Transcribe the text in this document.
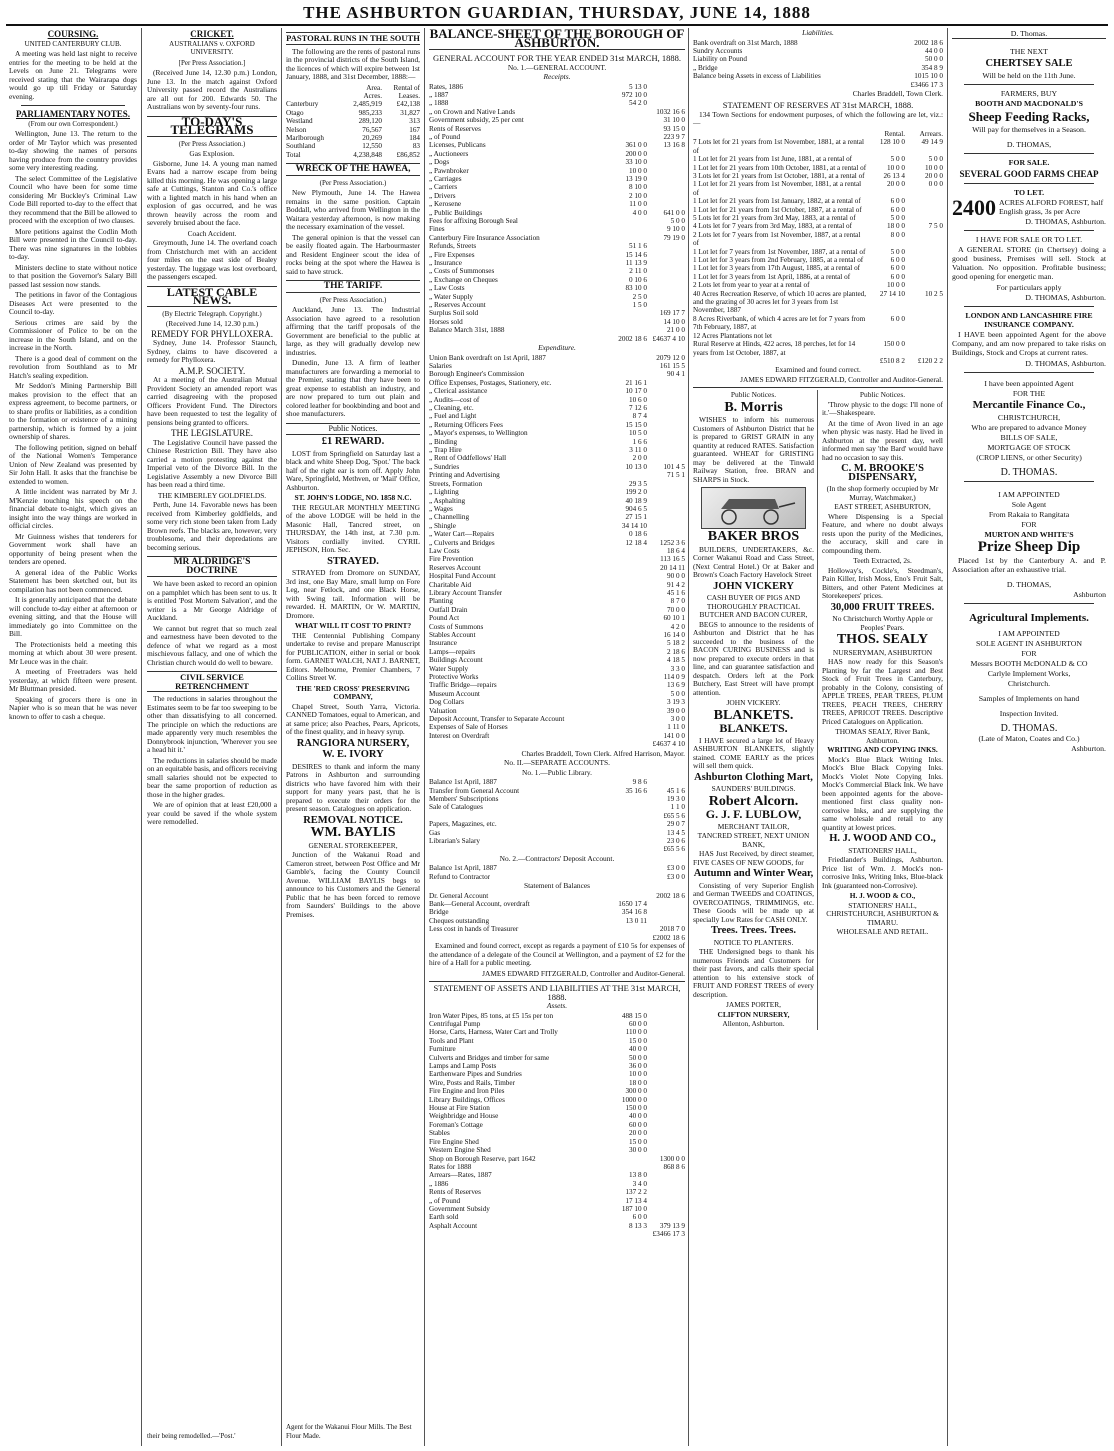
THE ASHBURTON GUARDIAN, THURSDAY, JUNE 14, 1888
COURSING.
UNITED CANTERBURY CLUB.

A meeting was held last night to receive entries for the meeting to be held at the Levels on June 21. Telegrams were received stating that the Wairarapa dogs would go up till Friday or Saturday evening.

PARLIAMENTARY NOTES.
(From our own Correspondent.)

Wellington, June 13. The return to the order of Mr Taylor which was presented to-day showing the names of persons having produce from the country provides some very interesting reading.

The select Committee of the Legislative Council who have been for some time considering Mr Buckley's Criminal Law Code Bill reported to-day to the effect that they recommend that the Bill be allowed to proceed with the exception of two clauses.

More petitions against the Codlin Moth Bill were presented in the Council to-day. There was nine signatures in the lobbies to-day.

Ministers decline to state without notice to that position the Governor's Salary Bill passed last session now stands.

The petitions in favor of the Contagious Diseases Act were presented to the Council to-day.

Serious crimes are said by the Commissioner of Police to be on the increase in the South Island, and on the increase in the North.

There is a good deal of comment on the revolution from Southland as to Mr Hatch's sealing expedition.

Mr Seddon's Mining Partnership Bill makes provision to the effect that an express agreement, to become partners, or to share profits or liabilities, as a condition to the formation or existence of a mining partnership, which is formed by a joint ownership of shares.

The following petition, signed on behalf of the National Women's Temperance Union of New Zealand was presented by Sir John Hall. It asks that the franchise be extended to women.

A little incident was narrated by Mr J. M'Kenzie touching his speech on the financial debate to-night, which gives an insight into the way things are worked in official circles.

Mr Guinness wishes that tenderers for Government work shall have an opportunity of being present when the tenders are opened.

A general idea of the Public Works Statement has been sketched out, but its compilation has not been commenced.

It is generally anticipated that the debate will conclude to-day either at afternoon or evening sitting, and that the House will immediately go into Committee on the Bill.

The Protectionists held a meeting this morning at which about 30 were present. Mr Leuce was in the chair.

A meeting of Freetraders was held yesterday, at which fifteen were present. Mr Bluttman presided.

Speaking of grocers there is one in Napier who is so mean that he was never known to offer to cash a cheque.

CRICKET.
AUSTRALIANS v. OXFORD UNIVERSITY.
[Per Press Association.]

(Received June 14, 12.30 p.m.) London, June 13. In the match against Oxford University passed record the Australians are all out for 200. Edwards 50. The Australians won by seventy-four runs.

TO-DAY'S TELEGRAMS
(Per Press Association.)
Gas Explosion.

Gisborne, June 14. A young man named Evans had a narrow escape from being killed this morning. He was opening a large safe at Cuttings, Stanton and Co.'s office with a lighted match in his hand when an explosion of gas occurred, and he was thrown heavily across the room and severely bruised about the face.

Coach Accident.

Greymouth, June 14. The overland coach from Christchurch met with an accident four miles on the east side of Bealey yesterday. The luggage was lost overboard, the passengers escaped.

LATEST CABLE NEWS.
(By Electric Telegraph. Copyright.)
(Received June 14, 12.30 p.m.)
REMEDY FOR PHYLLOXERA.

Sydney, June 14. Professor Staunch, Sydney, claims to have discovered a remedy for Phylloxera.

A.M.P. SOCIETY.

At a meeting of the Australian Mutual Provident Society an amended report was carried disagreeing with the proposed Officers Provident Fund. The Directors have been requested to test the legality of pensions being granted to officers.

THE LEGISLATURE.

The Legislative Council have passed the Chinese Restriction Bill. They have also carried a motion protesting against the Imperial veto of the Divorce Bill. In the Legislative Assembly a new Divorce Bill has been read a third time.

THE KIMBERLEY GOLDFIELDS.

Perth, June 14. Favorable news has been received from Kimberley goldfields, and some very rich stone been taken from Lady Brown reefs. The blacks are, however, very troublesome, and their depredations are becoming serious.

MR ALDRIDGE'S DOCTRINE

We have been asked to record an opinion on a pamphlet which has been sent to us. It is entitled 'Post Mortem Salvation', and the writer is a Mr George Aldridge of Auckland.

We cannot but regret that so much zeal and earnestness have been devoted to the defence of what we regard as a most mischievous fallacy, and one of which the Christian church would do well to beware.

CIVIL SERVICE RETRENCHMENT

The reductions in salaries throughout the Estimates seem to be far too sweeping to be other than dissatisfying to all concerned. The principle on which the reductions are made apparently very much resembles the Donnybrook injunction, 'Wherever you see a head hit it.'

The reductions in salaries should be made on an equitable basis, and officers receiving small salaries should not be expected to bear the same proportion of reduction as those in the higher grades.

We are of opinion that at least £20,000 a year could be saved if the whole system were remodelled.

their being remodelled.—'Post.'
PASTORAL RUNS IN THE SOUTH

The following are the rents of pastoral runs in the provincial districts of the South Island, the licences of which will expire between 1st January, 1888, and 31st December, 1888:—

	Area.	Rental of
	Acres.	Leases.
Canterbury	2,485,919	£42,138
Otago	985,233	31,827
Westland	289,120	313
Nelson	76,567	167
Marlborough	20,269	184
Southland	12,550	83
Total	4,238,848	£86,852
WRECK OF THE HAWEA,
(Per Press Association.)

New Plymouth, June 14. The Hawea remains in the same position. Captain Boddall, who arrived from Wellington in the Waitara yesterday afternoon, is now making the necessary examination of the vessel.

The general opinion is that the vessel can be easily floated again. The Harbourmaster and Resident Engineer scout the idea of rocks being at the spot where the Hawea is said to have struck.

THE TARIFF.
(Per Press Association.)

Auckland, June 13. The Industrial Association have agreed to a resolution affirming that the tariff proposals of the Government are beneficial to the public at large, as they will gradually develop new industries.

Dunedin, June 13. A firm of leather manufacturers are forwarding a memorial to the Premier, stating that they have been to great expense to establish an industry, and are now prepared to turn out plain and colored leather for bookbinding and boot and shoe manufacturers.

Public Notices.
£1 REWARD.

LOST from Springfield on Saturday last a black and white Sheep Dog, 'Spot.' The back half of the right ear is torn off. Apply John Ware, Springfield, Methven, or 'Mail' Office, Ashburton.

ST. JOHN'S LODGE, NO. 1858 N.C.

THE REGULAR MONTHLY MEETING of the above LODGE will be held in the Masonic Hall, Tancred street, on THURSDAY, the 14th inst, at 7.30 p.m. Visitors cordially invited. CYRIL JEPHSON, Hon. Sec.

STRAYED.

STRAYED from Dromore on SUNDAY, 3rd inst, one Bay Mare, small lump on Fore Leg, near Fetlock, and one Black Horse, with Swing tail. Information will be rewarded. H. MARTIN, Or W. MARTIN, Dromore.

WHAT WILL IT COST TO PRINT?

THE Centennial Publishing Company undertake to revise and prepare Manuscript for PUBLICATION, either in serial or book form. GARNET WALCH, NAT J. BARNET, Editors. Melbourne, Premier Chambers, 7 Collins Street W.

THE 'RED CROSS' PRESERVING COMPANY,

Chapel Street, South Yarra, Victoria. CANNED Tomatoes, equal to American, and at same price; also Peaches, Pears, Apricots, of the finest quality, and in heavy syrup.

RANGIORA NURSERY,
W. E. IVORY

DESIRES to thank and inform the many Patrons in Ashburton and surrounding districts who have favored him with their support for many years past, that he is prepared to execute their orders for the present season. Catalogues on application.

REMOVAL NOTICE.
WM. BAYLIS
GENERAL STOREKEEPER,

Junction of the Wakanui Road and Cameron street, between Post Office and Mr Gamble's, facing the County Council Avenue. WILLIAM BAYLIS begs to announce to his Customers and the General Public that he has been forced to remove from Saunders' Buildings to the above Premises.

Agent for the Wakanui Flour Mills. The Best Flour Made.
BALANCE-SHEET OF THE BOROUGH OF ASHBURTON.
GENERAL ACCOUNT FOR THE YEAR ENDED 31st MARCH, 1888.
No. 1.—GENERAL ACCOUNT.
Receipts.
Rates, 1886	5 13 0	
„ 1887	972 10 0	
„ 1888	54 2 0	
„ on Crown and Native Lands		1032 16 6
Government subsidy, 25 per cent		31 10 0
Rents of Reserves		93 15 0
„ of Pound		223 9 7
Licenses, Publicans	361 0 0	13 16 8
„ Auctioneers	200 0 0	
„ Dogs	33 10 0	
„ Pawnbroker	10 0 0	
„ Carriages	13 19 0	
„ Carriers	8 10 0	
„ Drivers	2 10 0	
„ Kerosene	11 0 0	
„ Public Buildings	4 0 0	641 0 0
Fees for affixing Borough Seal		5 0 0
Fines		9 10 0
Canterbury Fire Insurance Association		79 19 0
Refunds, Streets	51 1 6	
„ Fire Expenses	15 14 6	
„ Insurance	11 13 9	
„ Costs of Summonses	2 11 0	
„ Exchange on Cheques	0 10 6	
„ Law Costs	83 10 0	
„ Water Supply	2 5 0	
„ Reserves Account	1 5 0	
Surplus Soil sold		169 17 7
Horses sold		14 10 0
Balance March 31st, 1888		21 0 0
	2002 18 6	£4637 4 10
Expenditure.
Union Bank overdraft on 1st April, 1887		2079 12 0
Salaries		161 15 5
Borough Engineer's Commission		90 4 1
Office Expenses, Postages, Stationery, etc.	21 16 1	
„ Clerical assistance	10 17 0	
„ Audits—cost of	10 6 0	
„ Cleaning, etc.	7 12 6	
„ Fuel and Light	8 7 4	
„ Returning Officers Fees	15 15 0	
„ Mayor's expenses, to Wellington	10 5 0	
„ Binding	1 6 6	
„ Trap Hire	3 11 0	
„ Rent of Oddfellows' Hall	2 0 0	
„ Sundries	10 13 0	101 4 5
Printing and Advertising		71 5 1
Streets, Formation	29 3 5	
„ Lighting	199 2 0	
„ Asphalting	40 18 9	
„ Wages	904 6 5	
„ Channelling	27 15 1	
„ Shingle	34 14 10	
„ Water Cart—Repairs	0 18 6	
„ Culverts and Bridges	12 18 4	1252 3 6
Law Costs		18 6 4
Fire Prevention		113 16 5
Reserves Account		20 14 11
Hospital Fund Account		90 0 0
Charitable Aid		91 4 2
Library Account Transfer		45 1 6
Planting		8 7 0
Outfall Drain		70 0 0
Pound Act		60 10 1
Costs of Summons		4 2 0
Stables Account		16 14 0
Insurance		5 18 2
Lamps—repairs		2 18 6
Buildings Account		4 18 5
Water Supply		3 3 0
Protective Works		114 0 9
Traffic Bridge—repairs		13 6 9
Museum Account		5 0 0
Dog Collars		3 19 3
Valuation		39 0 0
Deposit Account, Transfer to Separate Account		3 0 0
Expenses of Sale of Horses		1 11 0
Interest on Overdraft		141 0 0
		£4637 4 10
Charles Braddell, Town Clerk. Alfred Harrison, Mayor.
No. II.—SEPARATE ACCOUNTS.
No. 1.—Public Library.
Balance 1st April, 1887	9 8 6	
Transfer from General Account	35 16 6	45 1 6
Members' Subscriptions		19 3 0
Sale of Catalogues		1 1 0
		£65 5 6
Papers, Magazines, etc.		29 0 7
Gas		13 4 5
Librarian's Salary		23 0 6
		£65 5 6
No. 2.—Contractors' Deposit Account.
Balance 1st April, 1887		£3 0 0
Refund to Contractor		£3 0 0
Statement of Balances
Dr. General Account		2002 18 6
Bank—General Account, overdraft	1650 17 4	
Bridge	354 16 8	
Cheques outstanding	13 0 11	
Less cost in hands of Treasurer		2018 7 0
		£2002 18 6

Examined and found correct, except as regards a payment of £10 5s for expenses of the attendance of a delegate of the Council at Wellington, and a payment of £2 for the hire of a Hall for a public meeting.

JAMES EDWARD FITZGERALD, Controller and Auditor-General.
STATEMENT OF ASSETS AND LIABILITIES AT THE 31st MARCH, 1888.
Assets.
Iron Water Pipes, 85 tons, at £5 15s per ton	488 15 0	
Centrifugal Pump	60 0 0	
Horse, Carts, Harness, Water Cart and Trolly	110 0 0	
Tools and Plant	15 0 0	
Furniture	40 0 0	
Culverts and Bridges and timber for same	50 0 0	
Lamps and Lamp Posts	36 0 0	
Earthenware Pipes and Sundries	10 0 0	
Wire, Posts and Rails, Timber	18 0 0	
Fire Engine and Iron Piles	300 0 0	
Library Buildings, Offices	1000 0 0	
House at Fire Station	150 0 0	
Weighbridge and House	40 0 0	
Foreman's Cottage	60 0 0	
Stables	20 0 0	
Fire Engine Shed	15 0 0	
Western Engine Shed	30 0 0	
Shop on Borough Reserve, part 1642		1300 0 0
Rates for 1888		868 8 6
Arrears—Rates, 1887	13 8 0	
„ 1886	3 4 0	
Rents of Reserves	137 2 2	
„ of Pound	17 13 4	
Government Subsidy	187 10 0	
Earth sold	6 0 0	
Asphalt Account	8 13 3	379 13 9
		£3466 17 3
Liabilities.
Bank overdraft on 31st March, 1888		2002 18 6
Sundry Accounts		44 0 0
Liability on Pound		50 0 0
„ Bridge		354 8 9
Balance being Assets in excess of Liabilities		1015 10 0
		£3466 17 3
Charles Braddell, Town Clerk.
STATEMENT OF RESERVES AT 31st MARCH, 1888.

134 Town Sections for endowment purposes, of which the following are let, viz.:—

	Rental.	Arrears.
7 Lots let for 21 years from 1st November, 1881, at a rental of	128 10 0	49 14 9
1 Lot let for 21 years from 1st June, 1881, at a rental of	5 0 0	5 0 0
1 Lot let for 21 years from 10th October, 1881, at a rental of	10 0 0	10 0 0
3 Lots let for 21 years from 1st October, 1881, at a rental of	26 13 4	20 0 0
1 Lot let for 21 years from 1st November, 1881, at a rental of	20 0 0	0 0 0
1 Lot let for 21 years from 1st January, 1882, at a rental of	6 0 0	
1 Lot let for 21 years from 1st October, 1887, at a rental of	6 0 0	
5 Lots let for 21 years from 3rd May, 1883, at a rental of	5 0 0	
4 Lots let for 7 years from 3rd May, 1883, at a rental of	18 0 0	7 5 0
2 Lots let for 7 years from 1st November, 1887, at a rental of	8 0 0	
1 Lot let for 7 years from 1st November, 1887, at a rental of	5 0 0	
1 Lot let for 3 years from 2nd February, 1885, at a rental of	6 0 0	
1 Lot let for 3 years from 17th August, 1885, at a rental of	6 0 0	
1 Lot let for 3 years from 1st April, 1886, at a rental of	6 0 0	
2 Lots let from year to year at a rental of	10 0 0	
40 Acres Recreation Reserve, of which 10 acres are planted, and the grazing of 30 acres let for 3 years from 1st November, 1887	27 14 10	10 2 5
8 Acres Riverbank, of which 4 acres are let for 7 years from 7th February, 1887, at	6 0 0	
12 Acres Plantations not let		
Rural Reserve at Hinds, 422 acres, 18 perches, let for 14 years from 1st October, 1887, at	150 0 0	
	£510 8 2	£120 2 2
Examined and found correct.
JAMES EDWARD FITZGERALD, Controller and Auditor-General.
Public Notices.
B. Morris

WISHES to inform his numerous Customers of Ashburton District that he is prepared to GRIST GRAIN in any quantity at reduced RATES. Satisfaction guaranteed. WHEAT for GRISTING may be delivered at the Tinwald Railway Station, free. BRAN and SHARPS in Stock.

BAKER BROS

BUILDERS, UNDERTAKERS, &c. Corner Wakanui Road and Cass Street, (Next Central Hotel.) Or at Baker and Brown's Coach Factory Havelock Street

JOHN VICKERY
CASH BUYER OF PIGS AND THOROUGHLY PRACTICAL BUTCHER AND BACON CURER,

BEGS to announce to the residents of Ashburton and District that he has succeeded to the business of the BACON CURING BUSINESS and is now prepared to execute orders in that line, and can guarantee satisfaction and despatch. Orders left at the Pork Butchery, East Street will have prompt attention.

JOHN VICKERY.
BLANKETS.
BLANKETS.

I HAVE secured a large lot of Heavy ASHBURTON BLANKETS, slightly stained. COME EARLY as the prices will sell them quick.

Ashburton Clothing Mart,
SAUNDERS' BUILDINGS.
Robert Alcorn.
G. J. F. LUBLOW,
MERCHANT TAILOR,
TANCRED STREET, NEXT UNION BANK,

HAS Just Received, by direct steamer, FIVE CASES OF NEW GOODS, for

Autumn and Winter Wear,

Consisting of very Superior English and German TWEEDS and COATINGS, OVERCOATINGS, TRIMMINGS, etc. These Goods will be made up at specially Low Rates for CASH ONLY.

Trees. Trees. Trees.
NOTICE TO PLANTERS.

THE Undersigned begs to thank his numerous Friends and Customers for their past favors, and calls their special attention to his extensive stock of FRUIT AND FOREST TREES of every description.

JAMES PORTER,
CLIFTON NURSERY,
Allenton, Ashburton.
Public Notices.

'Throw physic to the dogs: I'll none of it.'—Shakespeare.

At the time of Avon lived in an age when physic was nasty. Had he lived in Ashburton at the present day, well informed men say 'the Bard' would have had no occasion to say this.

C. M. BROOKE'S DISPENSARY,
(In the shop formerly occupied by Mr Murray, Watchmaker,)
EAST STREET, ASHBURTON,

Where Dispensing is a Special Feature, and where no doubt always rests upon the purity of the Medicines, the accuracy, skill and care in compounding them.

Teeth Extracted, 2s.

Holloway's, Cockle's, Steedman's, Pain Killer, Irish Moss, Eno's Fruit Salt, Bitters, and other Patent Medicines at Storekeepers' prices.

30,000 FRUIT TREES.
No Christchurch Worthy Apple or Peoples' Pears.
THOS. SEALY
NURSERYMAN, ASHBURTON

HAS now ready for this Season's Planting by far the Largest and Best Stock of Fruit Trees in Canterbury, probably in the Colony, consisting of APPLE TREES, PEAR TREES, PLUM TREES, PEACH TREES, CHERRY TREES, APRICOT TREES. Descriptive Priced Catalogues on Application.

THOMAS SEALY, River Bank, Ashburton.
WRITING AND COPYING INKS.

Mock's Blue Black Writing Inks. Mock's Blue Black Copying Inks. Mock's Violet Note Copying Inks. Mock's Commercial Black Ink. We have been appointed agents for the above-mentioned first class quality non-corrosive Inks, and are supplying the same wholesale and retail to any quantity at lowest prices.

H. J. WOOD AND CO.,
STATIONERS' HALL,

Friedlander's Buildings, Ashburton. Price list of Wm. J. Mock's non-corrosive Inks, Writing Inks, Blue-black Ink (guaranteed non-Corrosive).

H. J. WOOD & CO.,
STATIONERS' HALL, CHRISTCHURCH, ASHBURTON & TIMARU.
WHOLESALE AND RETAIL.
D. Thomas.
THE NEXT
CHERTSEY SALE
Will be held on the 11th June.
FARMERS, BUY
BOOTH AND MACDONALD'S
Sheep Feeding Racks,
Will pay for themselves in a Season.
D. THOMAS,
FOR SALE.
SEVERAL GOOD FARMS CHEAP
TO LET.
2400 ACRES ALFORD FOREST, half English grass, 3s per Acre
D. THOMAS, Ashburton.
I HAVE FOR SALE OR TO LET.

A GENERAL STORE (in Chertsey) doing a good business, Premises will sell. Stock at Valuation. No opposition. Profitable business; good opening for energetic man.

For particulars apply
D. THOMAS, Ashburton.
LONDON AND LANCASHIRE FIRE INSURANCE COMPANY.

I HAVE been appointed Agent for the above Company, and am now prepared to take risks on Buildings, Stock and Crops at current rates.

D. THOMAS, Ashburton.
I have been appointed Agent
FOR THE
Mercantile Finance Co.,
CHRISTCHURCH,
Who are prepared to advance Money
BILLS OF SALE,
MORTGAGE OF STOCK
(CROP LIENS, or other Security)
D. THOMAS.
I AM APPOINTED
Sole Agent
From Rakaia to Rangitata
FOR
MURTON AND WHITE'S
Prize Sheep Dip

Placed 1st by the Canterbury A. and P. Association after an exhaustive trial.

D. THOMAS,
Ashburton
Agricultural Implements.
I AM APPOINTED
SOLE AGENT IN ASHBURTON
FOR
Messrs BOOTH McDONALD & CO
Carlyle Implement Works,
Christchurch.
Samples of Implements on hand
Inspection Invited.
D. THOMAS.
(Late of Maton, Coates and Co.)
Ashburton.
